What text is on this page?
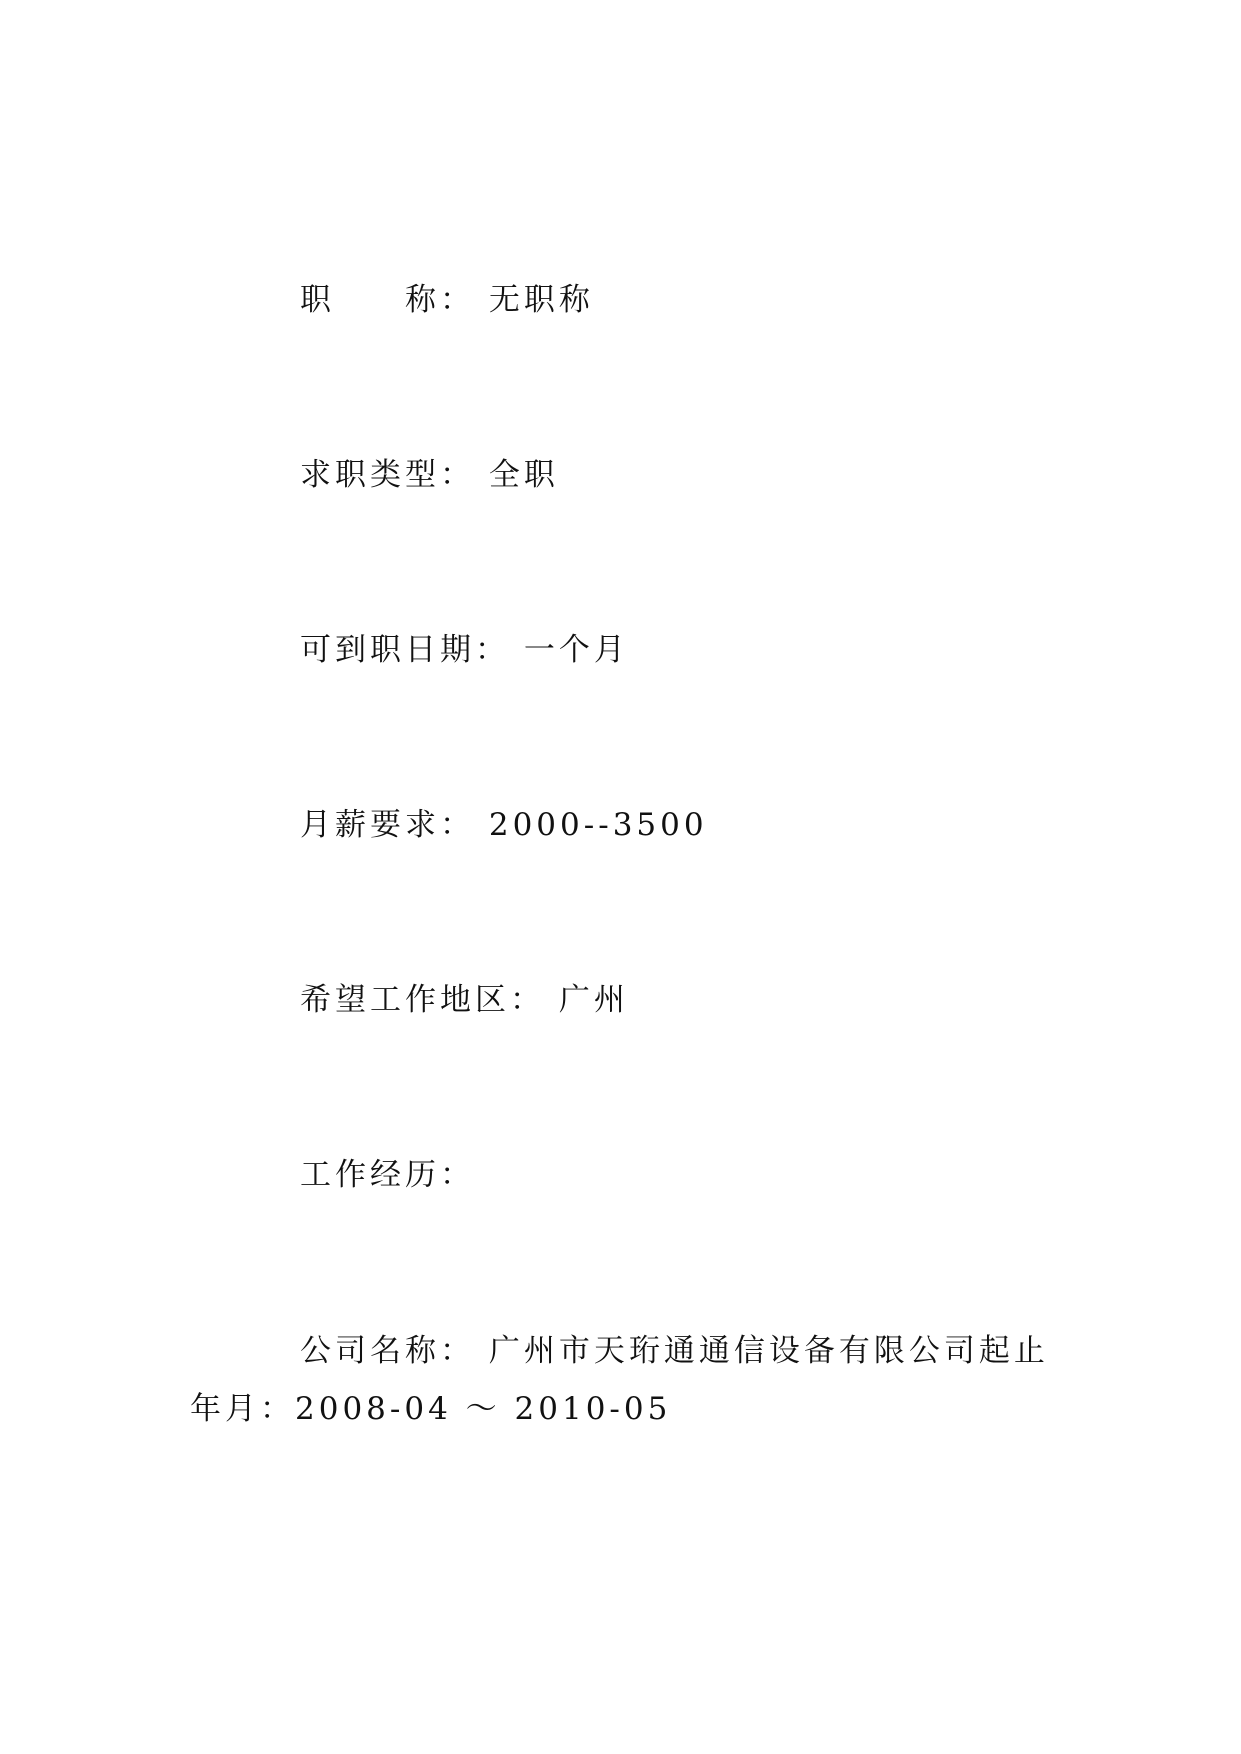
职　　称： 无职称
求职类型： 全职
可到职日期： 一个月
月薪要求： 2000--3500
希望工作地区： 广州
工作经历：
公司名称： 广州市天珩通通信设备有限公司起止年月：2008-04 ～ 2010-05
